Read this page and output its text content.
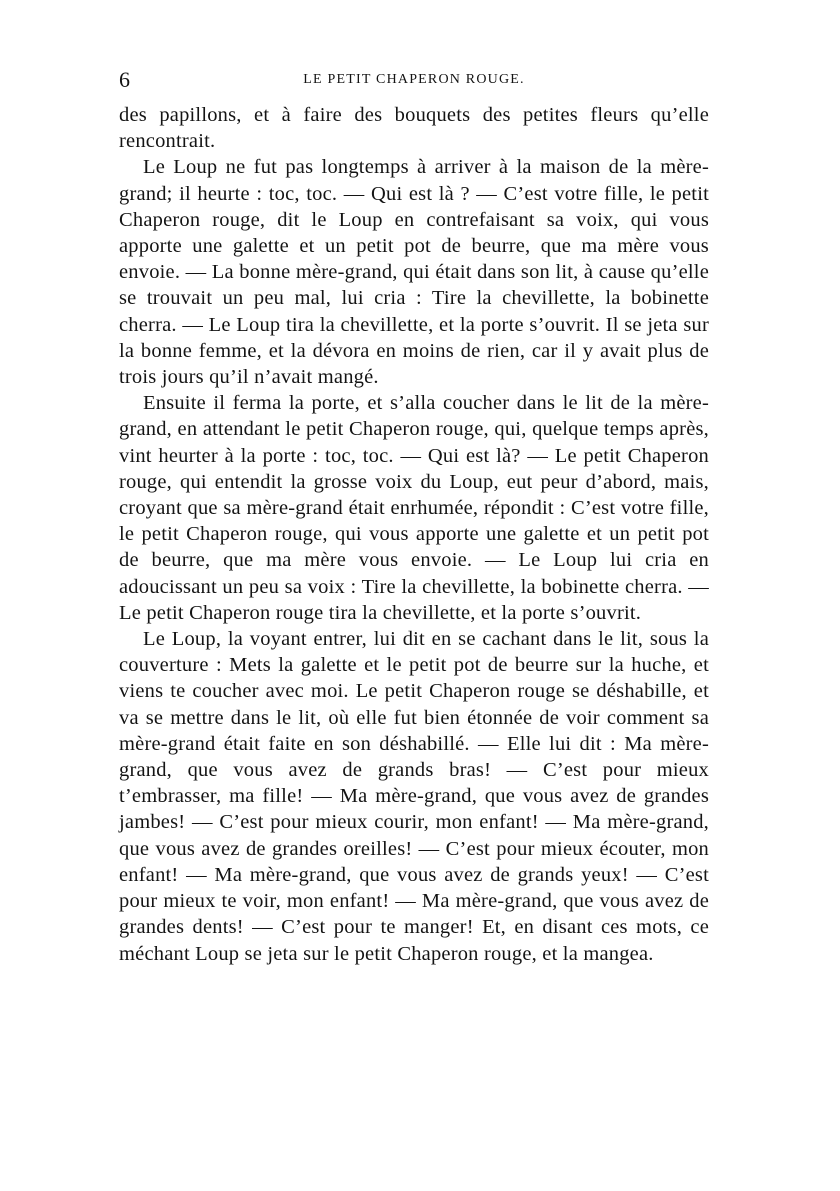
6	LE PETIT CHAPERON ROUGE.

des papillons, et à faire des bouquets des petites fleurs qu’elle rencontrait.

Le Loup ne fut pas longtemps à arriver à la maison de la mère-grand; il heurte : toc, toc. — Qui est là ? — C’est votre fille, le petit Chaperon rouge, dit le Loup en contrefaisant sa voix, qui vous apporte une galette et un petit pot de beurre, que ma mère vous envoie. — La bonne mère-grand, qui était dans son lit, à cause qu’elle se trouvait un peu mal, lui cria : Tire la chevillette, la bobinette cherra. — Le Loup tira la chevillette, et la porte s’ouvrit. Il se jeta sur la bonne femme, et la dévora en moins de rien, car il y avait plus de trois jours qu’il n’avait mangé.

Ensuite il ferma la porte, et s’alla coucher dans le lit de la mère-grand, en attendant le petit Chaperon rouge, qui, quelque temps après, vint heurter à la porte : toc, toc. — Qui est là? — Le petit Chaperon rouge, qui entendit la grosse voix du Loup, eut peur d’abord, mais, croyant que sa mère-grand était enrhumée, répondit : C’est votre fille, le petit Chaperon rouge, qui vous apporte une galette et un petit pot de beurre, que ma mère vous envoie. — Le Loup lui cria en adoucissant un peu sa voix : Tire la chevillette, la bobinette cherra. — Le petit Chaperon rouge tira la chevillette, et la porte s’ouvrit.

Le Loup, la voyant entrer, lui dit en se cachant dans le lit, sous la couverture : Mets la galette et le petit pot de beurre sur la huche, et viens te coucher avec moi. Le petit Chaperon rouge se déshabille, et va se mettre dans le lit, où elle fut bien étonnée de voir comment sa mère-grand était faite en son déshabillé. — Elle lui dit : Ma mère-grand, que vous avez de grands bras! — C’est pour mieux t’embrasser, ma fille! — Ma mère-grand, que vous avez de grandes jambes! — C’est pour mieux courir, mon enfant! — Ma mère-grand, que vous avez de grandes oreilles! — C’est pour mieux écouter, mon enfant! — Ma mère-grand, que vous avez de grands yeux! — C’est pour mieux te voir, mon enfant! — Ma mère-grand, que vous avez de grandes dents! — C’est pour te manger! Et, en disant ces mots, ce méchant Loup se jeta sur le petit Chaperon rouge, et la mangea.
